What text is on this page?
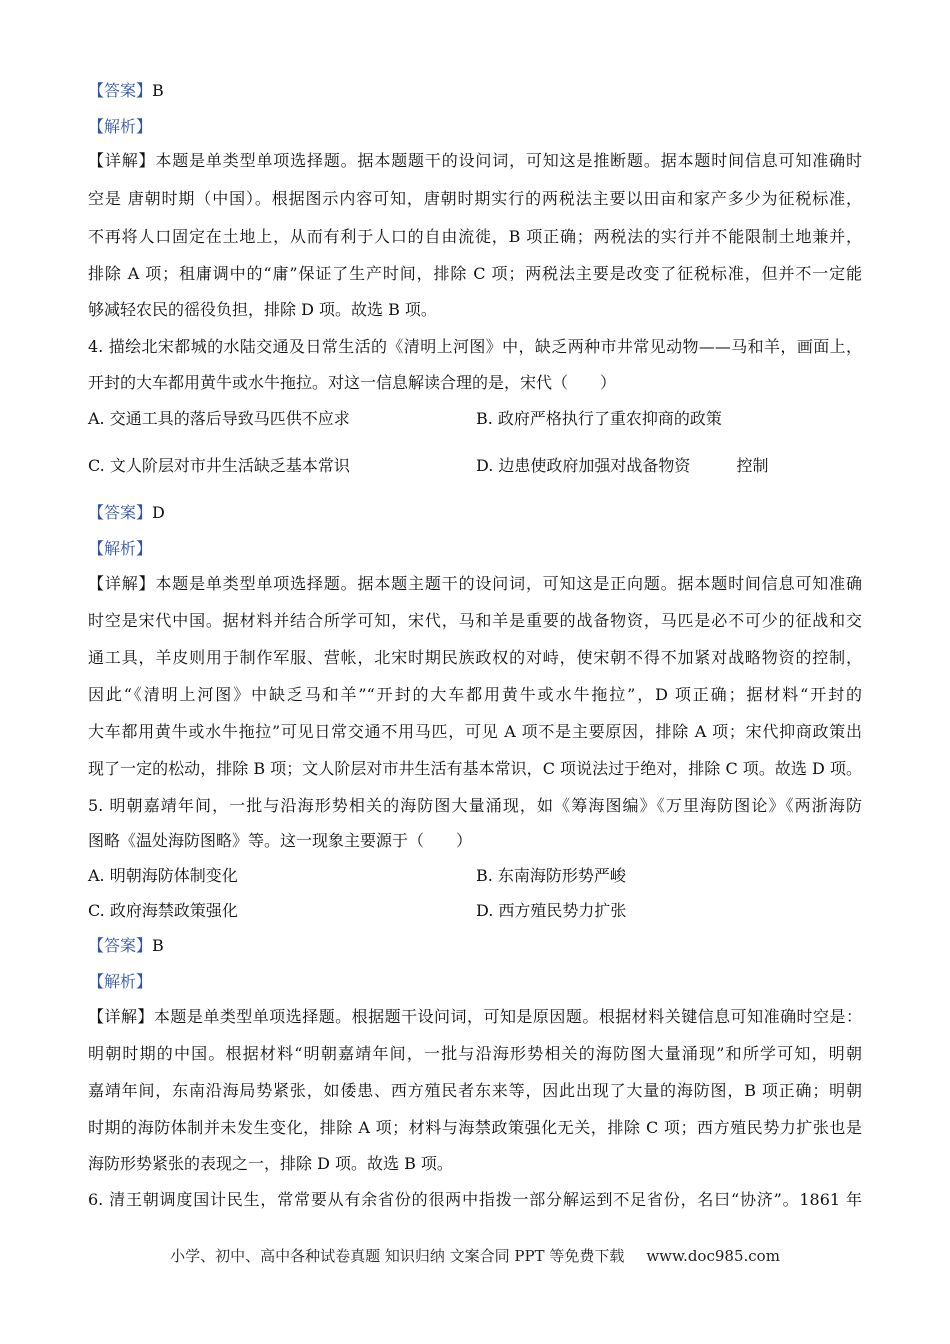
【答案】B
【解析】
【详解】本题是单类型单项选择题。据本题题干的设问词，可知这是推断题。据本题时间信息可知准确时
空是 唐朝时期（中国）。根据图示内容可知，唐朝时期实行的两税法主要以田亩和家产多少为征税标准，
不再将人口固定在土地上，从而有利于人口的自由流徙，B 项正确；两税法的实行并不能限制土地兼并，
排除 A 项；租庸调中的“庸”保证了生产时间，排除 C 项；两税法主要是改变了征税标准，但并不一定能
够减轻农民的徭役负担，排除 D 项。故选 B 项。
4. 描绘北宋都城的水陆交通及日常生活的《清明上河图》中，缺乏两种市井常见动物——马和羊，画面上，
开封的大车都用黄牛或水牛拖拉。对这一信息解读合理的是，宋代（　　）
A. 交通工具的落后导致马匹供不应求	B. 政府严格执行了重农抑商的政策
C. 文人阶层对市井生活缺乏基本常识	D. 边患使政府加强对战备物资	控制
【答案】D
【解析】
【详解】本题是单类型单项选择题。据本题主题干的设问词，可知这是正向题。据本题时间信息可知准确
时空是宋代中国。据材料并结合所学可知，宋代，马和羊是重要的战备物资，马匹是必不可少的征战和交
通工具，羊皮则用于制作军服、营帐，北宋时期民族政权的对峙，使宋朝不得不加紧对战略物资的控制，
因此“《清明上河图》中缺乏马和羊”“开封的大车都用黄牛或水牛拖拉”，D 项正确；据材料“开封的
大车都用黄牛或水牛拖拉”可见日常交通不用马匹，可见 A 项不是主要原因，排除 A 项；宋代抑商政策出
现了一定的松动，排除 B 项；文人阶层对市井生活有基本常识，C 项说法过于绝对，排除 C 项。故选 D 项。
5. 明朝嘉靖年间，一批与沿海形势相关的海防图大量涌现，如《筹海图编》《万里海防图论》《两浙海防
图略《温处海防图略》等。这一现象主要源于（　　）
A. 明朝海防体制变化	B. 东南海防形势严峻
C. 政府海禁政策强化	D. 西方殖民势力扩张
【答案】B
【解析】
【详解】本题是单类型单项选择题。根据题干设问词，可知是原因题。根据材料关键信息可知准确时空是：
明朝时期的中国。根据材料“明朝嘉靖年间，一批与沿海形势相关的海防图大量涌现”和所学可知，明朝
嘉靖年间，东南沿海局势紧张，如倭患、西方殖民者东来等，因此出现了大量的海防图，B 项正确；明朝
时期的海防体制并未发生变化，排除 A 项；材料与海禁政策强化无关，排除 C 项；西方殖民势力扩张也是
海防形势紧张的表现之一，排除 D 项。故选 B 项。
6. 清王朝调度国计民生，常常要从有余省份的很两中指拨一部分解运到不足省份，名曰“协济”。1861 年
小学、初中、高中各种试卷真题 知识归纳 文案合同 PPT 等免费下载 www.doc985.com
